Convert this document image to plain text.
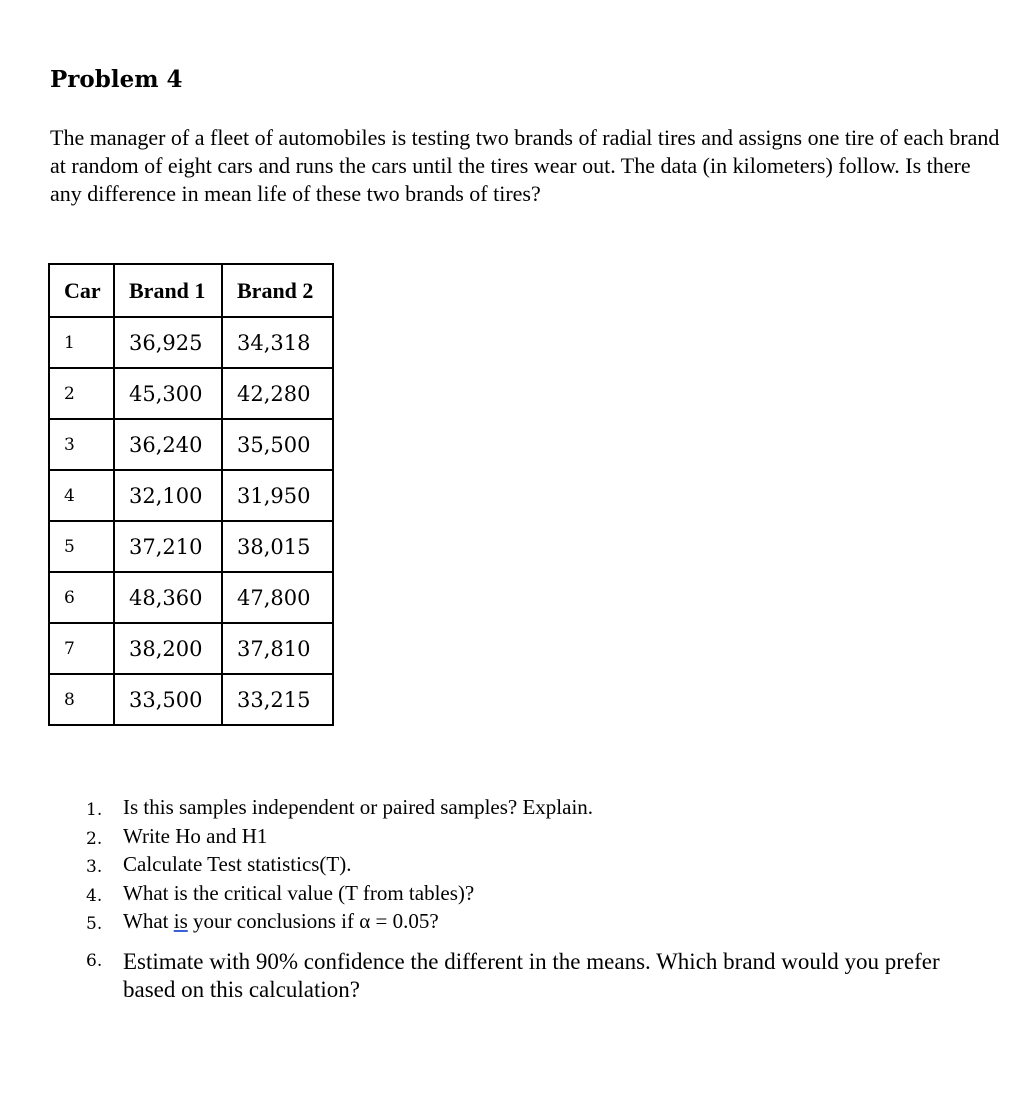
Problem 4

The manager of a fleet of automobiles is testing two brands of radial tires and assigns one tire of each brand at random of eight cars and runs the cars until the tires wear out. The data (in kilometers) follow. Is there any difference in mean life of these two brands of tires?

Car	Brand 1	Brand 2
1	36,925	34,318
2	45,300	42,280
3	36,240	35,500
4	32,100	31,950
5	37,210	38,015
6	48,360	47,800
7	38,200	37,810
8	33,500	33,215
1. Is this samples independent or paired samples? Explain.
2. Write Ho and H1
3. Calculate Test statistics(T).
4. What is the critical value (T from tables)?
5. What is your conclusions if α = 0.05?
6. Estimate with 90% confidence the different in the means. Which brand would you prefer based on this calculation?
